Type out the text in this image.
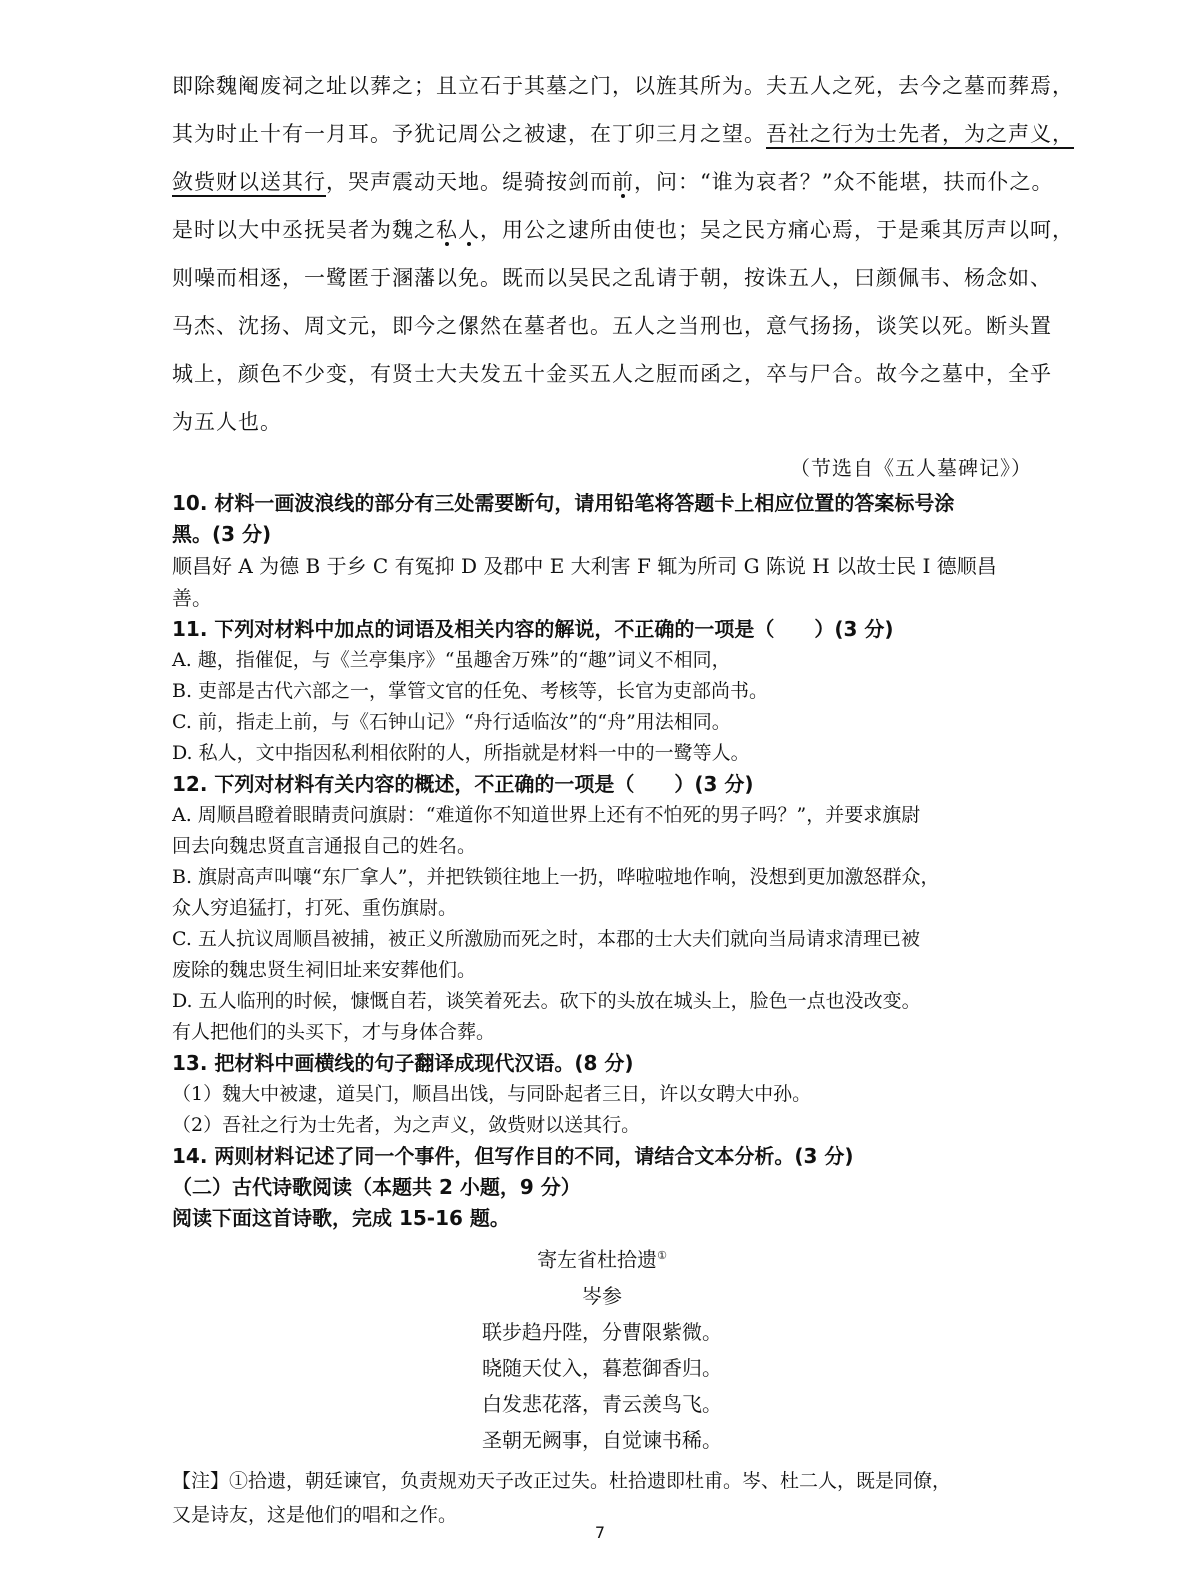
即除魏阉废祠之址以葬之；且立石于其墓之门，以旌其所为。夫五人之死，去今之墓而葬焉，

其为时止十有一月耳。予犹记周公之被逮，在丁卯三月之望。吾社之行为士先者，为之声义，

敛赀财以送其行，哭声震动天地。缇骑按剑而前，问：“谁为哀者？”众不能堪，扶而仆之。

是时以大中丞抚吴者为魏之私人，用公之逮所由使也；吴之民方痛心焉，于是乘其厉声以呵，

则噪而相逐，一鹭匿于溷藩以免。既而以吴民之乱请于朝，按诛五人，曰颜佩韦、杨念如、

马杰、沈扬、周文元，即今之傫然在墓者也。五人之当刑也，意气扬扬，谈笑以死。断头置

城上，颜色不少变，有贤士大夫发五十金买五人之脰而函之，卒与尸合。故今之墓中，全乎

为五人也。

（节选自《五人墓碑记》）

10. 材料一画波浪线的部分有三处需要断句，请用铅笔将答题卡上相应位置的答案标号涂

黑。(3 分)

顺昌好 A 为德 B 于乡 C 有冤抑 D 及郡中 E 大利害 F 辄为所司 G 陈说 H 以故士民 I 德顺昌善。

11. 下列对材料中加点的词语及相关内容的解说，不正确的一项是（　　）(3 分)

A. 趣，指催促，与《兰亭集序》“虽趣舍万殊”的“趣”词义不相同，

B. 吏部是古代六部之一，掌管文官的任免、考核等，长官为吏部尚书。

C. 前，指走上前，与《石钟山记》“舟行适临汝”的“舟”用法相同。

D. 私人，文中指因私利相依附的人，所指就是材料一中的一鹭等人。

12. 下列对材料有关内容的概述，不正确的一项是（　　）(3 分)

A. 周顺昌瞪着眼睛责问旗尉：“难道你不知道世界上还有不怕死的男子吗？”，并要求旗尉

回去向魏忠贤直言通报自己的姓名。

B. 旗尉高声叫嚷“东厂拿人”，并把铁锁往地上一扔，哗啦啦地作响，没想到更加激怒群众，

众人穷追猛打，打死、重伤旗尉。

C. 五人抗议周顺昌被捕，被正义所激励而死之时，本郡的士大夫们就向当局请求清理已被

废除的魏忠贤生祠旧址来安葬他们。

D. 五人临刑的时候，慷慨自若，谈笑着死去。砍下的头放在城头上，脸色一点也没改变。

有人把他们的头买下，才与身体合葬。

13. 把材料中画横线的句子翻译成现代汉语。(8 分)

（1）魏大中被逮，道吴门，顺昌出饯，与同卧起者三日，许以女聘大中孙。

（2）吾社之行为士先者，为之声义，敛赀财以送其行。

14. 两则材料记述了同一个事件，但写作目的不同，请结合文本分析。(3 分)

（二）古代诗歌阅读（本题共 2 小题，9 分）

阅读下面这首诗歌，完成 15-16 题。

寄左省杜拾遗①

岑参

联步趋丹陛，分曹限紫微。

晓随天仗入，暮惹御香归。

白发悲花落，青云羡鸟飞。

圣朝无阙事，自觉谏书稀。

【注】①拾遗，朝廷谏官，负责规劝天子改正过失。杜拾遗即杜甫。岑、杜二人，既是同僚，
又是诗友，这是他们的唱和之作。
7
